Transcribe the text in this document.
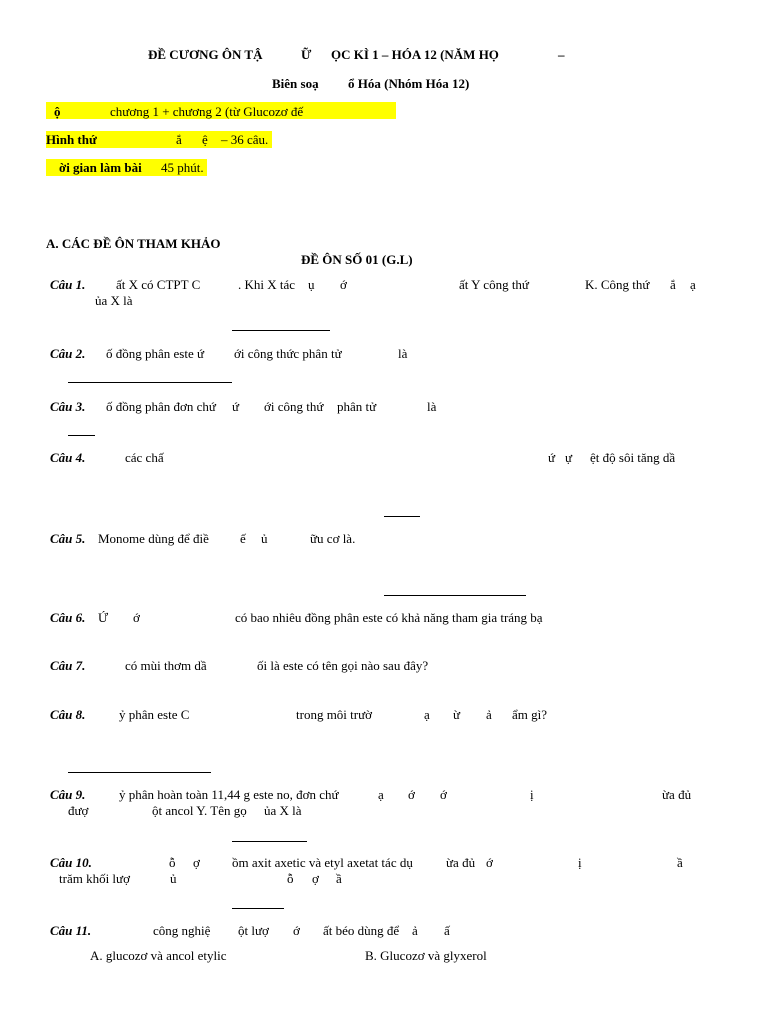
ĐỀ CƯƠNG ÔN TẬ	Ữ ỌC KÌ 1 – HÓA 12 (NĂM HỌ	–
Biên soạ ổ Hóa (Nhóm Hóa 12)
ộ	chương 1 + chương 2 (từ Glucozơ đế
Hình thứ	ắ ệ – 36 câu.
ời gian làm bài 45 phút.
A. CÁC ĐỀ ÔN THAM KHẢO
ĐỀ ÔN SỐ 01 (G.L)
Câu 1. ất X có CTPT C	. Khi X tác ụ ớ	ất Y công thứ	K. Công thứ ắ ạ
ủa X là
Câu 2. ố đồng phân este ứ ới công thức phân tử	là
Câu 3. ố đồng phân đơn chứ ứ ới công thứ phân tử	là
Câu 4.	các chấ	ứ ự ệt độ sôi tăng dầ
Câu 5. Monome dùng để điề ế ủ	ữu cơ là.
Câu 6. Ứ ớ	có bao nhiêu đồng phân este có khả năng tham gia tráng bạ
Câu 7.	có mùi thơm dầ	ối là este có tên gọi nào sau đây?
Câu 8.	ỷ phân este C	trong môi trườ	ạ ừ ả ẩm gì?
Câu 9.	ỷ phân hoàn toàn 11,44 g este no, đơn chứ	ạ ớ ớ	ị	ừa đủ
đượ	ột ancol Y. Tên gọ ủa X là
Câu 10.	ỗ ợ ồm axit axetic và etyl axetat tác dụ	ừa đủ ớ	ị	ầ
trăm khối lượ	ủ	ỗ ợ ầ
Câu 11.	công nghiệ ột lượ ớ ất béo dùng để ả ấ
A. glucozơ và ancol etylic	B. Glucozơ và glyxerol
